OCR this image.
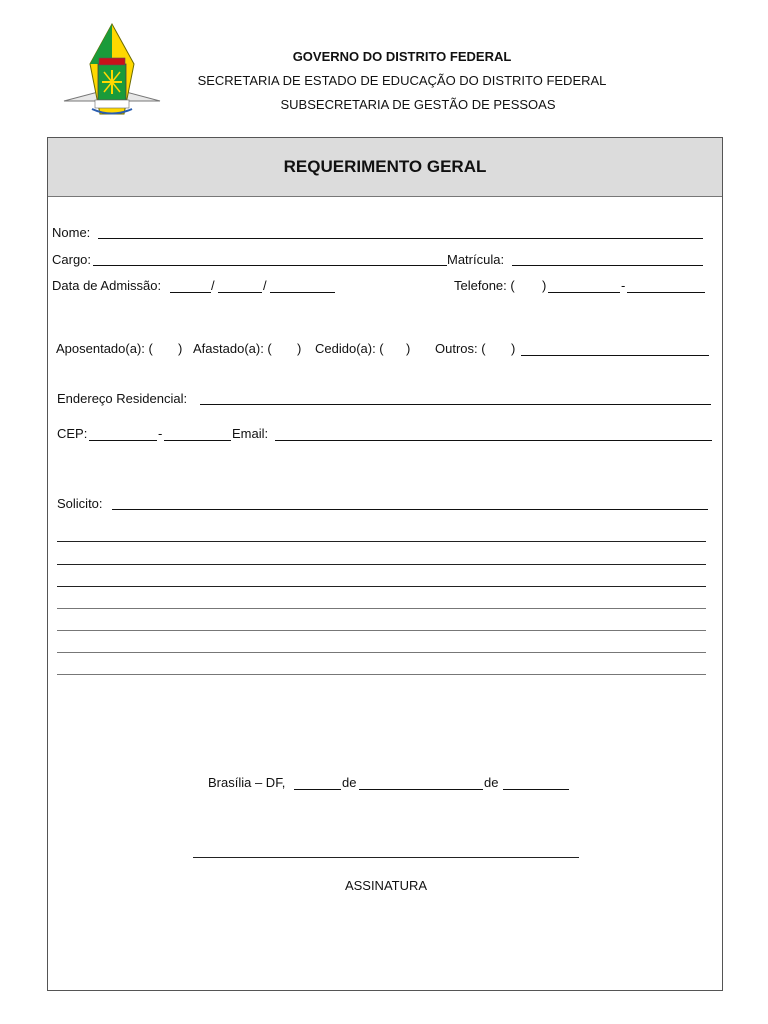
GOVERNO DO DISTRITO FEDERAL
SECRETARIA DE ESTADO DE EDUCAÇÃO DO DISTRITO FEDERAL
SUBSECRETARIA DE GESTÃO DE PESSOAS
REQUERIMENTO GERAL
Nome:
Cargo:	Matrícula:
Data de Admissão:	/	/	Telefone: ( )	-
Aposentado(a): ( ) Afastado(a): ( ) Cedido(a): ( ) Outros: ( )
Endereço Residencial:
CEP:	-	Email:
Solicito:
Brasília – DF,	de	de
ASSINATURA
